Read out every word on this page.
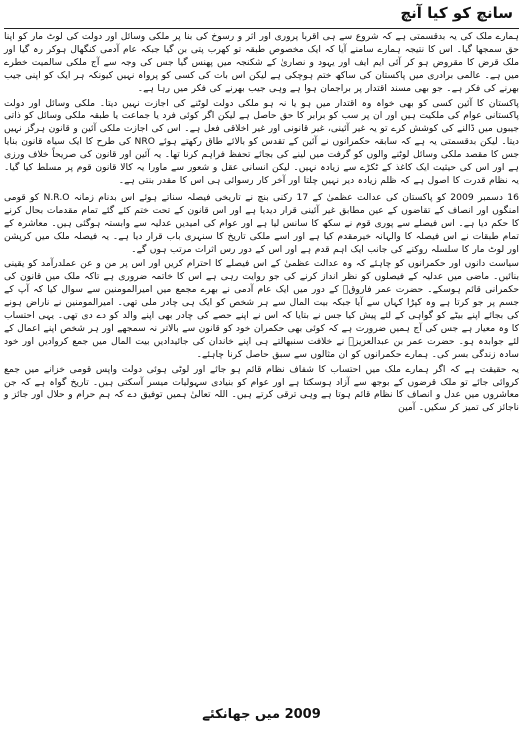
سانچ کو کیا آنچ

ہمارے ملک کی یہ بدقسمتی ہے کہ شروع سے ہی اقربا پروری اور اثر و رسوخ کی بنا پر ملکی وسائل اور دولت کی لوٹ مار کو اپنا حق سمجھا گیا۔ اس کا نتیجہ ہمارے سامنے آیا کہ ایک مخصوص طبقہ تو کھرب پتی بن گیا جبکہ عام آدمی کنگھال ہوکر رہ گیا اور ملک قرض کا مقروض ہو کر آئی ایم ایف اور یہود و نصاریٰ کے شکنجہ میں پھنس گیا جس کی وجہ سے آج ملکی سالمیت خطرے میں ہے۔ عالمی برادری میں پاکستان کی ساکھ ختم ہوچکی ہے لیکن اس بات کی کسی کو پرواہ نہیں کیونکہ ہر ایک کو اپنی جیب بھرنے کی فکر ہے۔ جو بھی مسند اقتدار پر براجمان ہوا ہے وہی جیب بھرنے کی فکر میں رہا ہے۔

پاکستان کا آئین کسی کو بھی خواہ وہ اقتدار میں ہو یا نہ ہو ملکی دولت لوٹنے کی اجازت نہیں دیتا۔ ملکی وسائل اور دولت پاکستانی عوام کی ملکیت ہیں اور ان پر سب کو برابر کا حق حاصل ہے لیکن اگر کوئی فرد یا جماعت یا طبقہ ملکی وسائل کو ذاتی جیبوں میں ڈالنے کی کوشش کرے تو یہ غیر آئینی، غیر قانونی اور غیر اخلاقی فعل ہے۔ اس کی اجازت ملکی آئین و قانون ہرگز نہیں دیتا۔ لیکن بدقسمتی یہ ہے کہ سابقہ حکمرانوں نے آئین کے تقدس کو بالائے طاق رکھتے ہوئے NRO کی طرح کا ایک سیاہ قانون بنایا جس کا مقصد ملکی وسائل لوٹنے والوں کو گرفت میں لینے کی بجائے تحفظ فراہم کرنا تھا۔ یہ آئین اور قانون کی صریحاً خلاف ورزی ہے اور اس کی حیثیت ایک کاغذ کے ٹکڑے سے زیادہ نہیں۔ لیکن انسانی عقل و شعور سے ماورا یہ کالا قانون قوم پر مسلط کیا گیا۔ یہ نظام قدرت کا اصول ہے کہ ظلم زیادہ دیر نہیں چلتا اور آخر کار رسوائی ہی اس کا مقدر بنتی ہے۔

16 دسمبر 2009 کو پاکستان کی عدالت عظمیٰ کے 17 رکنی بنچ نے تاریخی فیصلہ سناتے ہوئے اس بدنام زمانہ N.R.O کو قومی امنگوں اور انصاف کے تقاضوں کے عین مطابق غیر آئینی قرار دیدیا ہے اور اس قانون کے تحت ختم کئے گئے تمام مقدمات بحال کرنے کا حکم دیا ہے۔ اس فیصلے سے پوری قوم نے سکھ کا سانس لیا ہے اور عوام کی امیدیں عدلیہ سے وابستہ ہوگئی ہیں۔ معاشرہ کے تمام طبقات نے اس فیصلہ کا والہانہ خیرمقدم کیا ہے اور اسے ملکی تاریخ کا سنہری باب قرار دیا ہے۔ یہ فیصلہ ملک میں کرپشن اور لوٹ مار کا سلسلہ روکنے کی جانب ایک اہم قدم ہے اور اس کے دور رس اثرات مرتب ہوں گے۔

سیاست دانوں اور حکمرانوں کو چاہئے کہ وہ عدالت عظمیٰ کے اس فیصلے کا احترام کریں اور اس پر من و عن عملدرآمد کو یقینی بنائیں۔ ماضی میں عدلیہ کے فیصلوں کو نظر انداز کرنے کی جو روایت رہی ہے اس کا خاتمہ ضروری ہے تاکہ ملک میں قانون کی حکمرانی قائم ہوسکے۔ حضرت عمر فاروقؓ کے دور میں ایک عام آدمی نے بھرے مجمع میں امیرالمومنین سے سوال کیا کہ آپ کے جسم پر جو کرتا ہے وہ کپڑا کہاں سے آیا جبکہ بیت المال سے ہر شخص کو ایک ہی چادر ملی تھی۔ امیرالمومنین نے ناراض ہونے کی بجائے اپنے بیٹے کو گواہی کے لئے پیش کیا جس نے بتایا کہ اس نے اپنے حصے کی چادر بھی اپنے والد کو دے دی تھی۔ یہی احتساب کا وہ معیار ہے جس کی آج ہمیں ضرورت ہے کہ کوئی بھی حکمران خود کو قانون سے بالاتر نہ سمجھے اور ہر شخص اپنے اعمال کے لئے جوابدہ ہو۔ حضرت عمر بن عبدالعزیزؒ نے خلافت سنبھالتے ہی اپنے خاندان کی جائیدادیں بیت المال میں جمع کروادیں اور خود سادہ زندگی بسر کی۔ ہمارے حکمرانوں کو ان مثالوں سے سبق حاصل کرنا چاہئے۔

یہ حقیقت ہے کہ اگر ہمارے ملک میں احتساب کا شفاف نظام قائم ہو جائے اور لوٹی ہوئی دولت واپس قومی خزانے میں جمع کروائی جائے تو ملک قرضوں کے بوجھ سے آزاد ہوسکتا ہے اور عوام کو بنیادی سہولیات میسر آسکتی ہیں۔ تاریخ گواہ ہے کہ جن معاشروں میں عدل و انصاف کا نظام قائم ہوتا ہے وہی ترقی کرتے ہیں۔ اللہ تعالیٰ ہمیں توفیق دے کہ ہم حرام و حلال اور جائز و ناجائز کی تمیز کر سکیں۔ آمین

2009 میں جھانکئے
